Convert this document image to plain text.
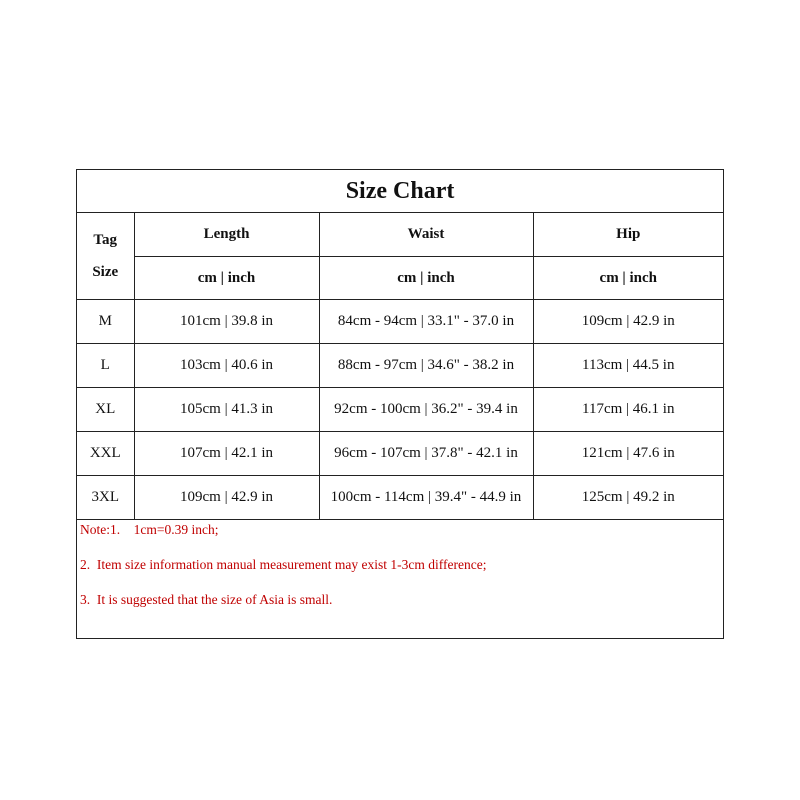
Size Chart			

Tag
Size	Length	Waist	Hip
	cm | inch	cm | inch	cm | inch
M	101cm | 39.8 in	84cm - 94cm | 33.1" - 37.0 in	109cm | 42.9 in
L	103cm | 40.6 in	88cm - 97cm | 34.6" - 38.2 in	113cm | 44.5 in
XL	105cm | 41.3 in	92cm - 100cm | 36.2" - 39.4 in	117cm | 46.1 in
XXL	107cm | 42.1 in	96cm - 107cm | 37.8" - 42.1 in	121cm | 47.6 in
3XL	109cm | 42.9 in	100cm - 114cm | 39.4" - 44.9 in	125cm | 49.2 in
Note:1.    1cm=0.39 inch;
2.  Item size information manual measurement may exist 1-3cm difference;
3.  It is suggested that the size of Asia is small.
